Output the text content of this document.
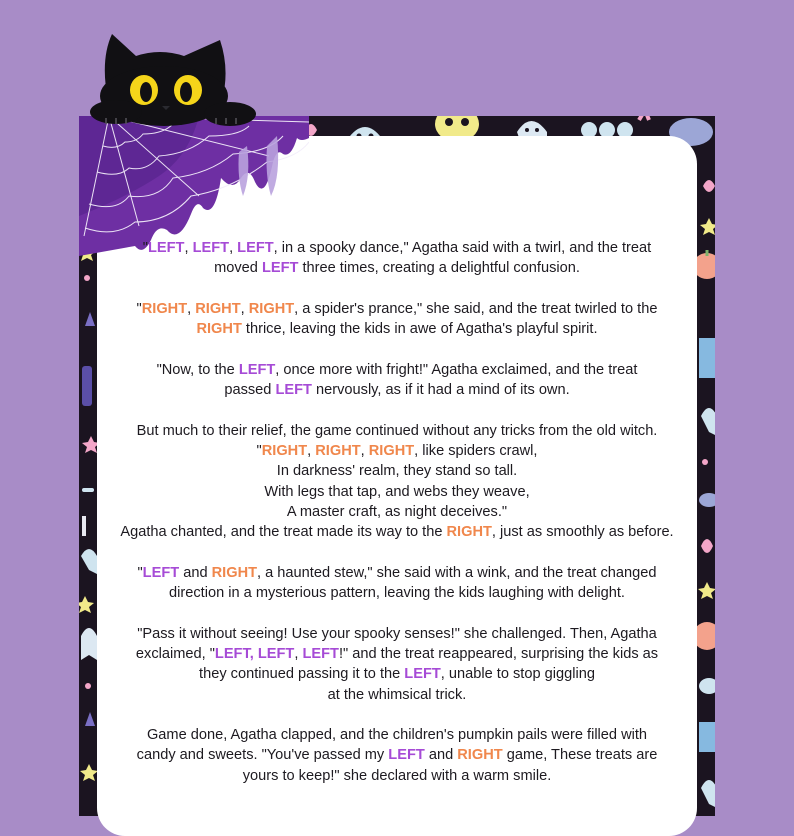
"LEFT, LEFT, LEFT, in a spooky dance," Agatha said with a twirl, and the treat
moved LEFT three times, creating a delightful confusion.

"RIGHT, RIGHT, RIGHT, a spider's prance," she said, and the treat twirled to the
RIGHT thrice, leaving the kids in awe of Agatha's playful spirit.

"Now, to the LEFT, once more with fright!" Agatha exclaimed, and the treat
passed LEFT nervously, as if it had a mind of its own.

But much to their relief, the game continued without any tricks from the old witch.
"RIGHT, RIGHT, RIGHT, like spiders crawl,
In darkness' realm, they stand so tall.
With legs that tap, and webs they weave,
A master craft, as night deceives."
Agatha chanted, and the treat made its way to the RIGHT, just as smoothly as before.

"LEFT and RIGHT, a haunted stew," she said with a wink, and the treat changed
direction in a mysterious pattern, leaving the kids laughing with delight.

"Pass it without seeing! Use your spooky senses!" she challenged. Then, Agatha
exclaimed, "LEFT, LEFT, LEFT!" and the treat reappeared, surprising the kids as
they continued passing it to the LEFT, unable to stop giggling
at the whimsical trick.

Game done, Agatha clapped, and the children's pumpkin pails were filled with
candy and sweets. "You've passed my LEFT and RIGHT game, These treats are
yours to keep!" she declared with a warm smile.
